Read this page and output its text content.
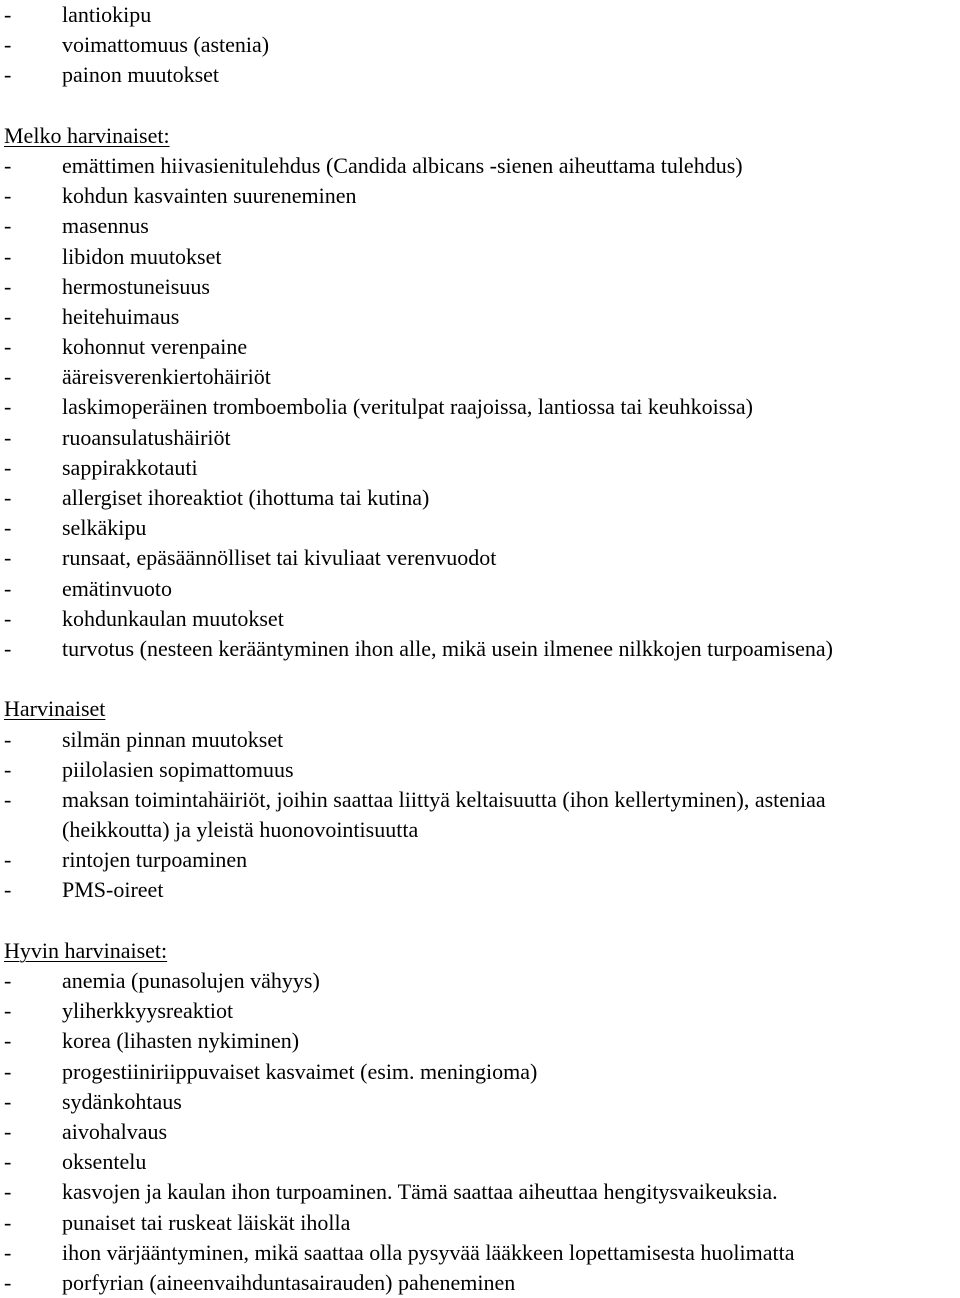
- lantiokipu
- voimattomuus (astenia)
- painon muutokset
Melko harvinaiset:
- emättimen hiivasienitulehdus (Candida albicans -sienen aiheuttama tulehdus)
- kohdun kasvainten suureneminen
- masennus
- libidon muutokset
- hermostuneisuus
- heitehuimaus
- kohonnut verenpaine
- ääreisverenkiertohäiriöt
- laskimoperäinen tromboembolia (veritulpat raajoissa, lantiossa tai keuhkoissa)
- ruoansulatushäiriöt
- sappirakkotauti
- allergiset ihoreaktiot (ihottuma tai kutina)
- selkäkipu
- runsaat, epäsäännölliset tai kivuliaat verenvuodot
- emätinvuoto
- kohdunkaulan muutokset
- turvotus (nesteen kerääntyminen ihon alle, mikä usein ilmenee nilkkojen turpoamisena)
Harvinaiset
- silmän pinnan muutokset
- piilolasien sopimattomuus
- maksan toimintahäiriöt, joihin saattaa liittyä keltaisuutta (ihon kellertyminen), asteniaa
(heikkoutta) ja yleistä huonovointisuutta
- rintojen turpoaminen
- PMS-oireet
Hyvin harvinaiset:
- anemia (punasolujen vähyys)
- yliherkkyysreaktiot
- korea (lihasten nykiminen)
- progestiiniriippuvaiset kasvaimet (esim. meningioma)
- sydänkohtaus
- aivohalvaus
- oksentelu
- kasvojen ja kaulan ihon turpoaminen. Tämä saattaa aiheuttaa hengitysvaikeuksia.
- punaiset tai ruskeat läiskät iholla
- ihon värjääntyminen, mikä saattaa olla pysyvää lääkkeen lopettamisesta huolimatta
- porfyrian (aineenvaihduntasairauden) paheneminen
